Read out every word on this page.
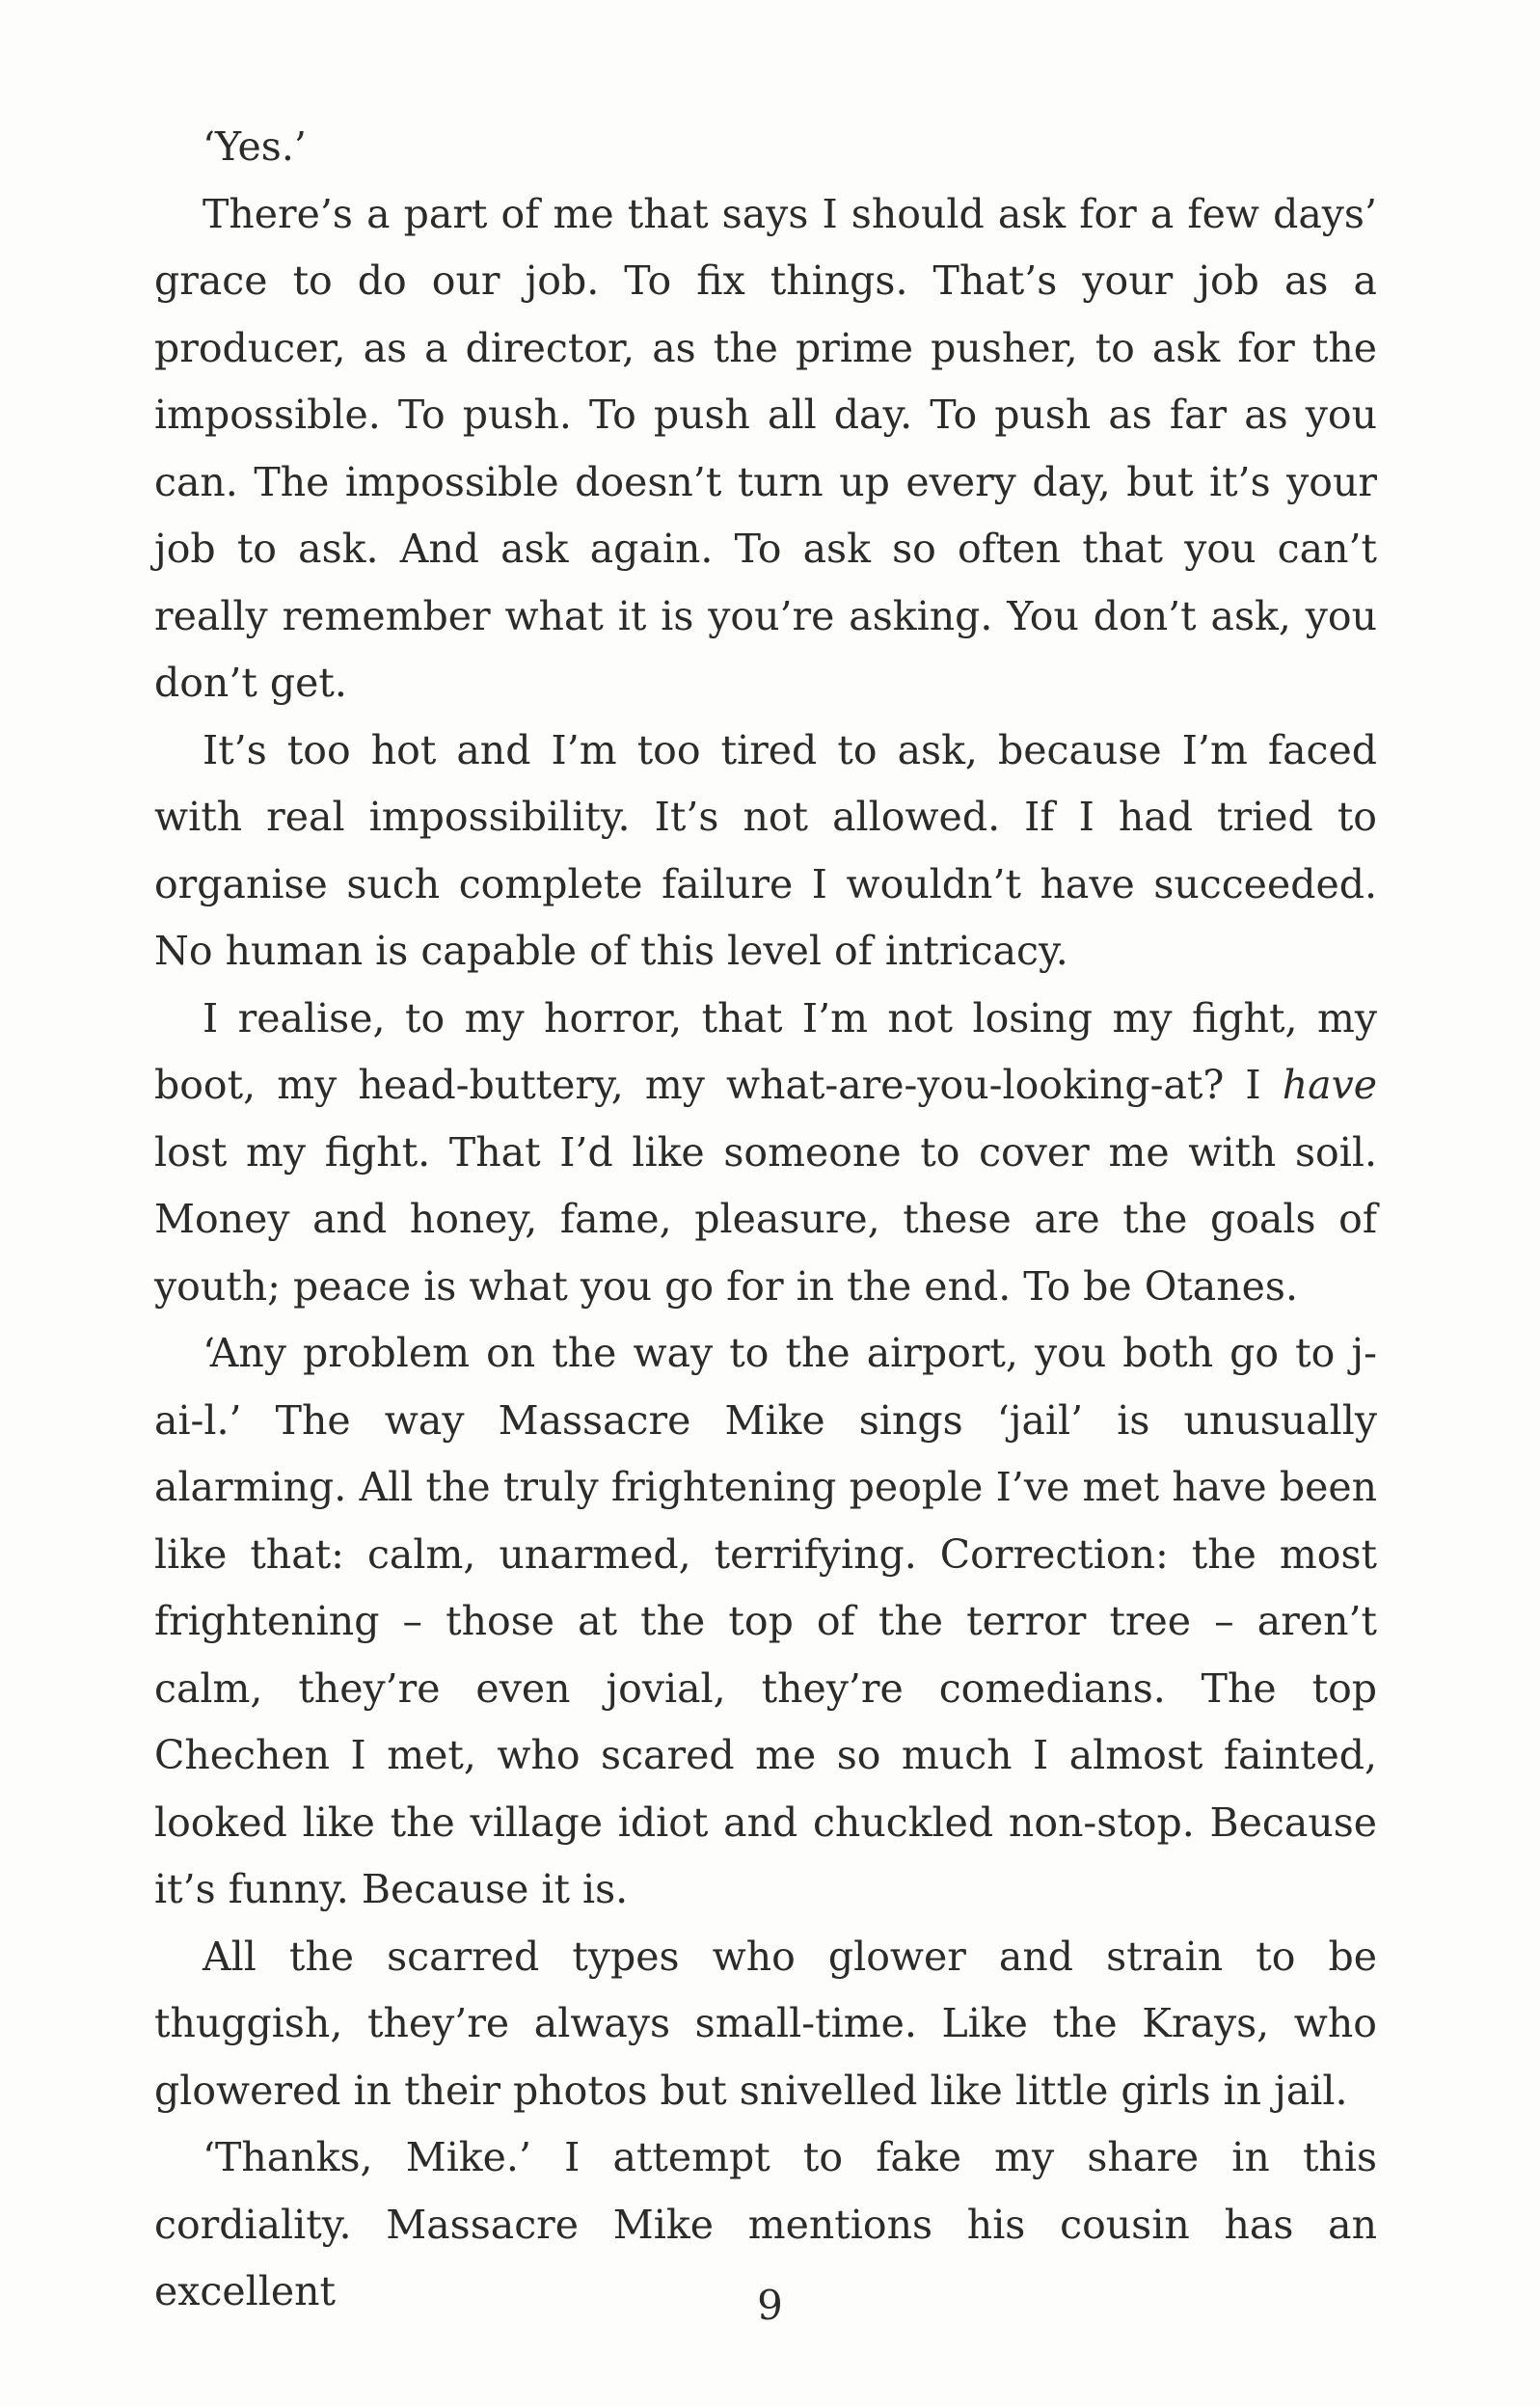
‘Yes.’

There’s a part of me that says I should ask for a few days’ grace to do our job. To fix things. That’s your job as a producer, as a director, as the prime pusher, to ask for the impossible. To push. To push all day. To push as far as you can. The impossible doesn’t turn up every day, but it’s your job to ask. And ask again. To ask so often that you can’t really remember what it is you’re asking. You don’t ask, you don’t get.

It’s too hot and I’m too tired to ask, because I’m faced with real impossibility. It’s not allowed. If I had tried to organise such complete failure I wouldn’t have succeeded. No human is capable of this level of intricacy.

I realise, to my horror, that I’m not losing my fight, my boot, my head-buttery, my what-are-you-looking-at? I have lost my fight. That I’d like someone to cover me with soil. Money and honey, fame, pleasure, these are the goals of youth; peace is what you go for in the end. To be Otanes.

‘Any problem on the way to the airport, you both go to j-ai-l.’ The way Massacre Mike sings ‘jail’ is unusually alarming. All the truly frightening people I’ve met have been like that: calm, unarmed, terrifying. Correction: the most frightening – those at the top of the terror tree – aren’t calm, they’re even jovial, they’re comedians. The top Chechen I met, who scared me so much I almost fainted, looked like the village idiot and chuckled non-stop. Because it’s funny. Because it is.

All the scarred types who glower and strain to be thuggish, they’re always small-time. Like the Krays, who glowered in their photos but snivelled like little girls in jail.

‘Thanks, Mike.’ I attempt to fake my share in this cordiality. Massacre Mike mentions his cousin has an excellent	9
